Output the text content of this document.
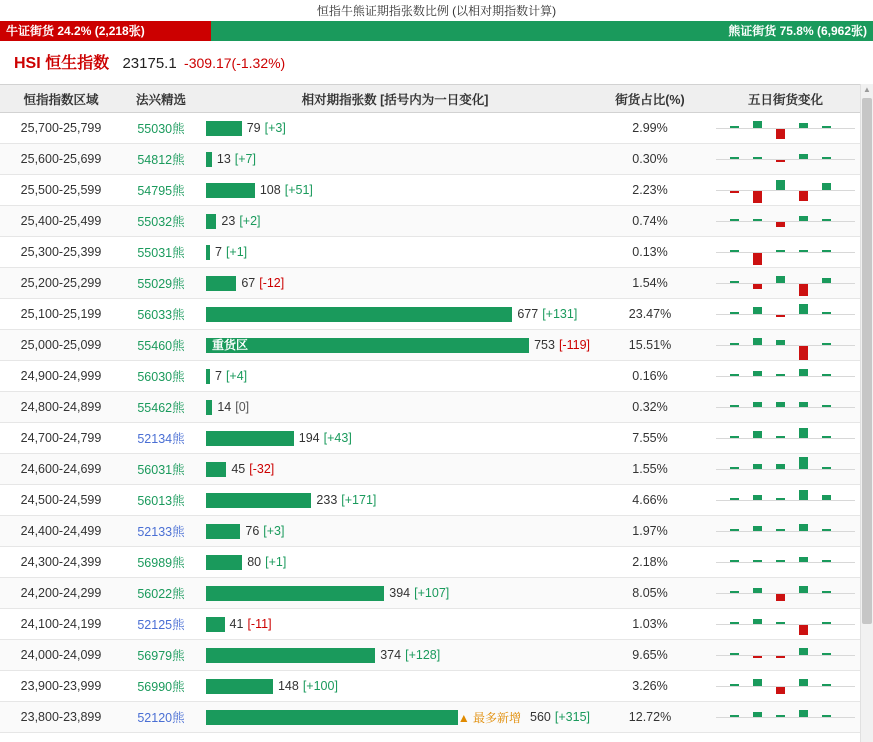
恒指牛熊证期指张数比例 (以相对期指数计算)
牛证街货 24.2% (2,218张)	熊证街货 75.8% (6,962张)
HSI 恒生指数 23175.1 -309.17(-1.32%)
恒指指数区域	法兴精选	相对期指张数 [括号内为一日变化]	街货占比(%)	五日街货变化
25,700-25,799	55030熊	79 [+3]	2.99%	

25,600-25,699	54812熊	13 [+7]	0.30%	

25,500-25,599	54795熊	108 [+51]	2.23%	

25,400-25,499	55032熊	23 [+2]	0.74%	

25,300-25,399	55031熊	7 [+1]	0.13%	

25,200-25,299	55029熊	67 [-12]	1.54%	

25,100-25,199	56033熊	677 [+131]	23.47%	

25,000-25,099	55460熊	重货区 753 [-119]	15.51%	

24,900-24,999	56030熊	7 [+4]	0.16%	

24,800-24,899	55462熊	14 [0]	0.32%	

24,700-24,799	52134熊	194 [+43]	7.55%	

24,600-24,699	56031熊	45 [-32]	1.55%	

24,500-24,599	56013熊	233 [+171]	4.66%	

24,400-24,499	52133熊	76 [+3]	1.97%	

24,300-24,399	56989熊	80 [+1]	2.18%	

24,200-24,299	56022熊	394 [+107]	8.05%	

24,100-24,199	52125熊	41 [-11]	1.03%	

24,000-24,099	56979熊	374 [+128]	9.65%	

23,900-23,999	56990熊	148 [+100]	3.26%	

23,800-23,899	52120熊	▲ 最多新增 560 [+315]	12.72%	
▲
